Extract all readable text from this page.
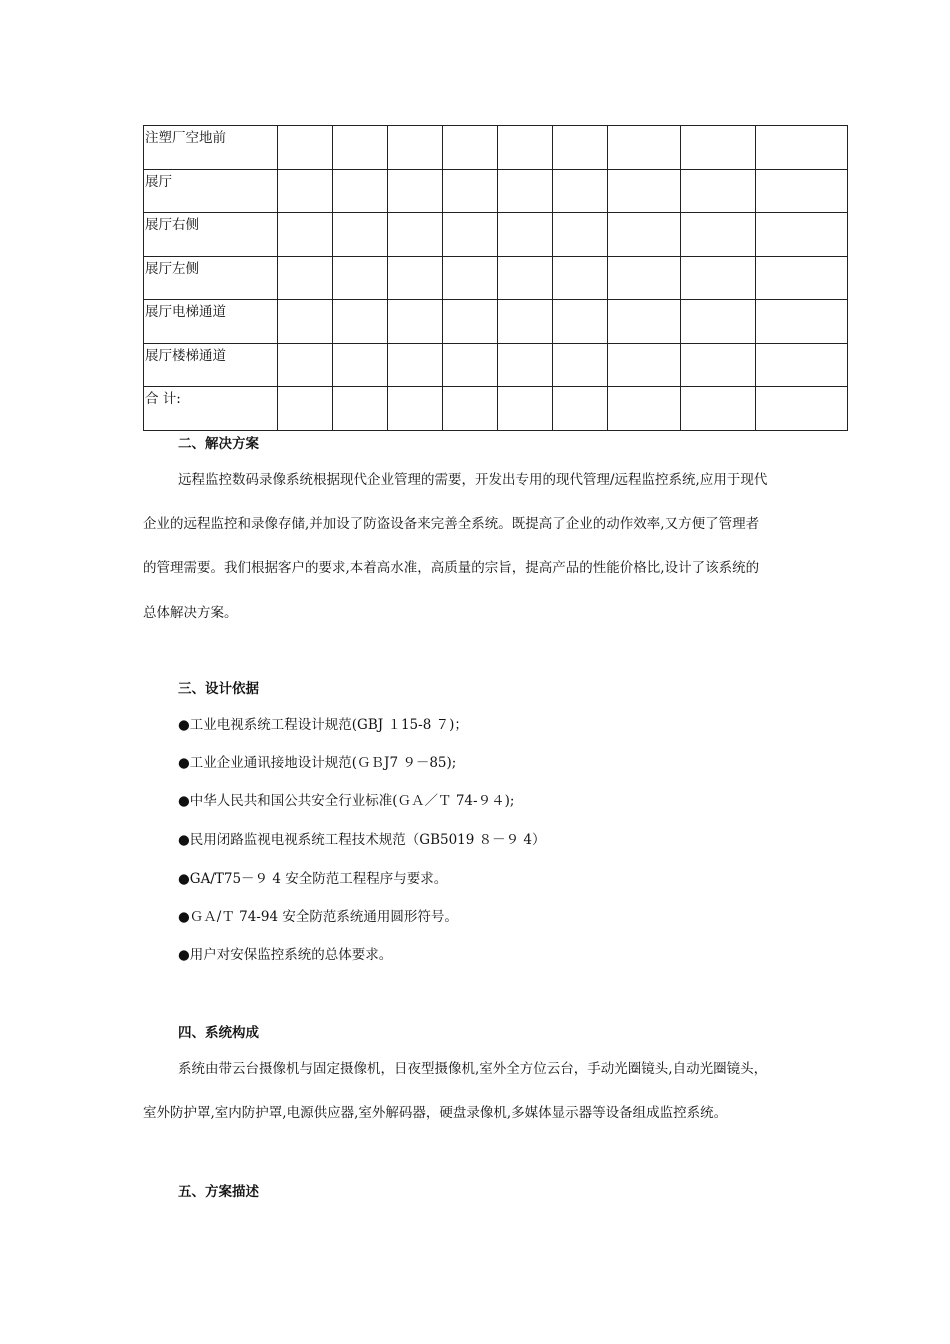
注塑厂空地前									
展厅									
展厅右侧									
展厅左侧									
展厅电梯通道									
展厅楼梯通道									
合 计:									
二、解决方案
远程监控数码录像系统根据现代企业管理的需要，开发出专用的现代管理/远程监控系统,应用于现代
企业的远程监控和录像存储,并加设了防盗设备来完善全系统。既提高了企业的动作效率,又方便了管理者
的管理需要。我们根据客户的要求,本着高水准，高质量的宗旨，提高产品的性能价格比,设计了该系统的
总体解决方案。
三、设计依据
●工业电视系统工程设计规范(GBJ １15-8 ７)；
●工业企业通讯接地设计规范(ＧＢJ7 ９－85);
●中华人民共和国公共安全行业标准(ＧＡ／Ｔ 74-９４);
●民用闭路监视电视系统工程技术规范（GB5019 ８－９ 4）
●GA/T75－９ 4 安全防范工程程序与要求。
●ＧＡ/Ｔ 74-94 安全防范系统通用圆形符号。
●用户对安保监控系统的总体要求。
四、系统构成
系统由带云台摄像机与固定摄像机，日夜型摄像机,室外全方位云台，手动光圈镜头,自动光圈镜头，
室外防护罩,室内防护罩,电源供应器,室外解码器，硬盘录像机,多媒体显示器等设备组成监控系统。
五、方案描述
